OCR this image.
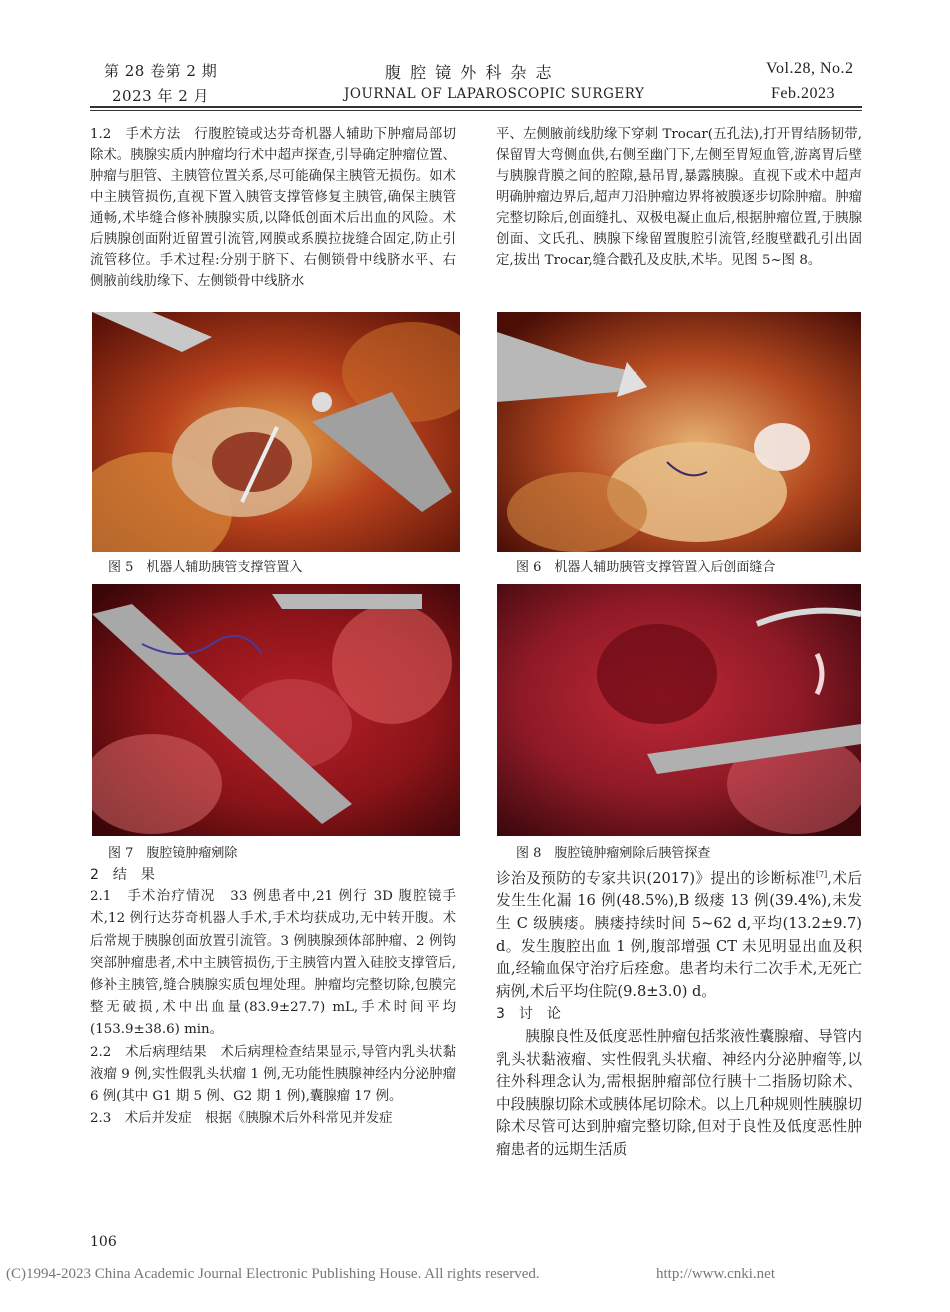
第 28 卷第 2 期
2023 年 2 月
腹 腔 镜 外 科 杂 志
JOURNAL OF LAPAROSCOPIC SURGERY
Vol.28, No.2
Feb.2023

1.2　手术方法　行腹腔镜或达芬奇机器人辅助下肿瘤局部切除术。胰腺实质内肿瘤均行术中超声探查,引导确定肿瘤位置、肿瘤与胆管、主胰管位置关系,尽可能确保主胰管无损伤。如术中主胰管损伤,直视下置入胰管支撑管修复主胰管,确保主胰管通畅,术毕缝合修补胰腺实质,以降低创面术后出血的风险。术后胰腺创面附近留置引流管,网膜或系膜拉拢缝合固定,防止引流管移位。手术过程:分别于脐下、右侧锁骨中线脐水平、右侧腋前线肋缘下、左侧锁骨中线脐水

平、左侧腋前线肋缘下穿刺 Trocar(五孔法),打开胃结肠韧带,保留胃大弯侧血供,右侧至幽门下,左侧至胃短血管,游离胃后壁与胰腺背膜之间的腔隙,悬吊胃,暴露胰腺。直视下或术中超声明确肿瘤边界后,超声刀沿肿瘤边界将被膜逐步切除肿瘤。肿瘤完整切除后,创面缝扎、双极电凝止血后,根据肿瘤位置,于胰腺创面、文氏孔、胰腺下缘留置腹腔引流管,经腹壁戳孔引出固定,拔出 Trocar,缝合戳孔及皮肤,术毕。见图 5~图 8。

图 5　机器人辅助胰管支撑管置入	图 6　机器人辅助胰管支撑管置入后创面缝合
图 7　腹腔镜肿瘤剜除	图 8　腹腔镜肿瘤剜除后胰管探查

2　结　果

2.1　手术治疗情况　33 例患者中,21 例行 3D 腹腔镜手术,12 例行达芬奇机器人手术,手术均获成功,无中转开腹。术后常规于胰腺创面放置引流管。3 例胰腺颈体部肿瘤、2 例钩突部肿瘤患者,术中主胰管损伤,于主胰管内置入硅胶支撑管后,修补主胰管,缝合胰腺实质包埋处理。肿瘤均完整切除,包膜完整无破损,术中出血量(83.9±27.7) mL,手术时间平均(153.9±38.6) min。

2.2　术后病理结果　术后病理检查结果显示,导管内乳头状黏液瘤 9 例,实性假乳头状瘤 1 例,无功能性胰腺神经内分泌肿瘤 6 例(其中 G1 期 5 例、G2 期 1 例),囊腺瘤 17 例。

2.3　术后并发症　根据《胰腺术后外科常见并发症

诊治及预防的专家共识(2017)》提出的诊断标准[7],术后发生生化漏 16 例(48.5%),B 级瘘 13 例(39.4%),未发生 C 级胰瘘。胰瘘持续时间 5~62 d,平均(13.2±9.7) d。发生腹腔出血 1 例,腹部增强 CT 未见明显出血及积血,经输血保守治疗后痊愈。患者均未行二次手术,无死亡病例,术后平均住院(9.8±3.0) d。

3　讨　论

胰腺良性及低度恶性肿瘤包括浆液性囊腺瘤、导管内乳头状黏液瘤、实性假乳头状瘤、神经内分泌肿瘤等,以往外科理念认为,需根据肿瘤部位行胰十二指肠切除术、中段胰腺切除术或胰体尾切除术。以上几种规则性胰腺切除术尽管可达到肿瘤完整切除,但对于良性及低度恶性肿瘤患者的远期生活质

106
(C)1994-2023 China Academic Journal Electronic Publishing House. All rights reserved.	http://www.cnki.net
